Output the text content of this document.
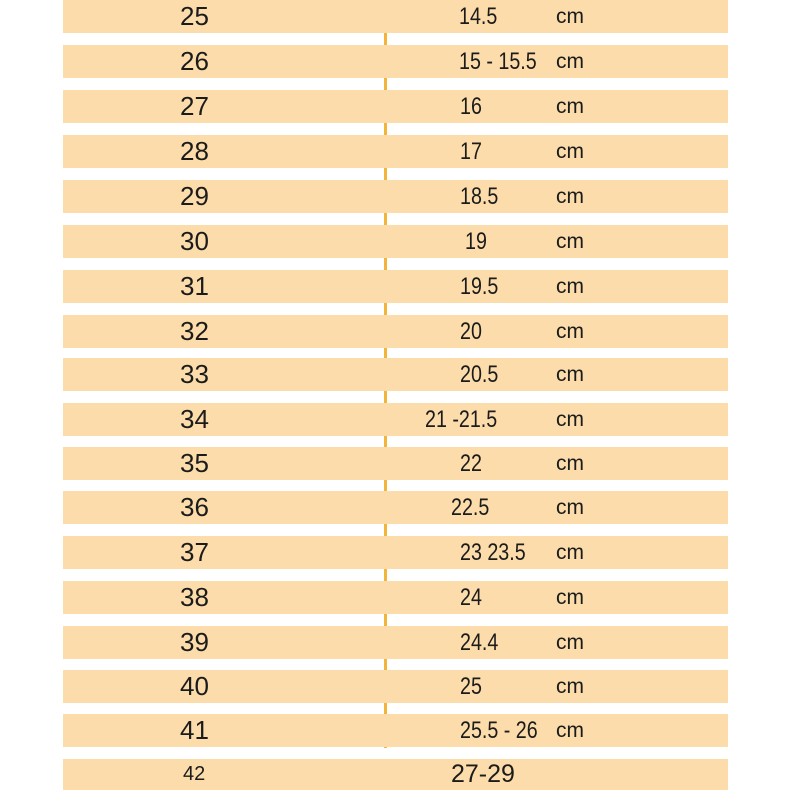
25	14.5	cm
26	15 - 15.5 cm
27	16	cm
28	17	cm
29	18.5	cm
30	19	cm
31	19.5	cm
32	20	cm
33	20.5	cm
34	21 -21.5	cm
35	22	cm
36	22.5	cm
37	23 23.5 cm
38	24	cm
39	24.4	cm
40	25	cm
41	25.5 - 26 cm
42	27-29
